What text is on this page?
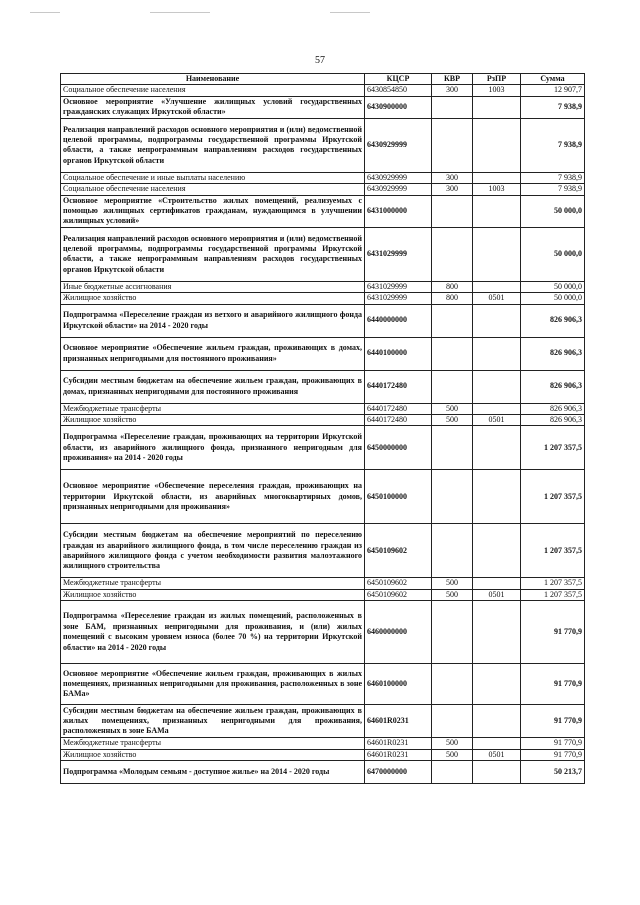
57
Наименование	КЦСР	КВР	РзПР	Сумма
Социальное обеспечение населения	6430854850	300	1003	12 907,7
Основное мероприятие «Улучшение жилищных условий государственных гражданских служащих Иркутской области»	6430900000			7 938,9
Реализация направлений расходов основного мероприятия и (или) ведомственной целевой программы, подпрограммы государственной программы Иркутской области, а также непрограммным направлениям расходов государственных органов Иркутской области	6430929999			7 938,9
Социальное обеспечение и иные выплаты населению	6430929999	300		7 938,9
Социальное обеспечение населения	6430929999	300	1003	7 938,9
Основное мероприятие «Строительство жилых помещений, реализуемых с помощью жилищных сертификатов гражданам, нуждающимся в улучшении жилищных условий»	6431000000			50 000,0
Реализация направлений расходов основного мероприятия и (или) ведомственной целевой программы, подпрограммы государственной программы Иркутской области, а также непрограммным направлениям расходов государственных органов Иркутской области	6431029999			50 000,0
Иные бюджетные ассигнования	6431029999	800		50 000,0
Жилищное хозяйство	6431029999	800	0501	50 000,0
Подпрограмма «Переселение граждан из ветхого и аварийного жилищного фонда Иркутской области» на 2014 - 2020 годы	6440000000			826 906,3
Основное мероприятие «Обеспечение жильем граждан, проживающих в домах, признанных непригодными для постоянного проживания»	6440100000			826 906,3
Субсидии местным бюджетам на обеспечение жильем граждан, проживающих в домах, признанных непригодными для постоянного проживания	6440172480			826 906,3
Межбюджетные трансферты	6440172480	500		826 906,3
Жилищное хозяйство	6440172480	500	0501	826 906,3
Подпрограмма «Переселение граждан, проживающих на территории Иркутской области, из аварийного жилищного фонда, признанного непригодным для проживания» на 2014 - 2020 годы	6450000000			1 207 357,5
Основное мероприятие «Обеспечение переселения граждан, проживающих на территории Иркутской области, из аварийных многоквартирных домов, признанных непригодными для проживания»	6450100000			1 207 357,5
Субсидии местным бюджетам на обеспечение мероприятий по переселению граждан из аварийного жилищного фонда, в том числе переселению граждан из аварийного жилищного фонда с учетом необходимости развития малоэтажного жилищного строительства	6450109602			1 207 357,5
Межбюджетные трансферты	6450109602	500		1 207 357,5
Жилищное хозяйство	6450109602	500	0501	1 207 357,5
Подпрограмма «Переселение граждан из жилых помещений, расположенных в зоне БАМ, признанных непригодными для проживания, и (или) жилых помещений с высоким уровнем износа (более 70 %) на территории Иркутской области» на 2014 - 2020 годы	6460000000			91 770,9
Основное мероприятие «Обеспечение жильем граждан, проживающих в жилых помещениях, признанных непригодными для проживания, расположенных в зоне БАМа»	6460100000			91 770,9
Субсидии местным бюджетам на обеспечение жильем граждан, проживающих в жилых помещениях, признанных непригодными для проживания, расположенных в зоне БАМа	64601R0231			91 770,9
Межбюджетные трансферты	64601R0231	500		91 770,9
Жилищное хозяйство	64601R0231	500	0501	91 770,9
Подпрограмма «Молодым семьям - доступное жилье» на 2014 - 2020 годы	6470000000			50 213,7
